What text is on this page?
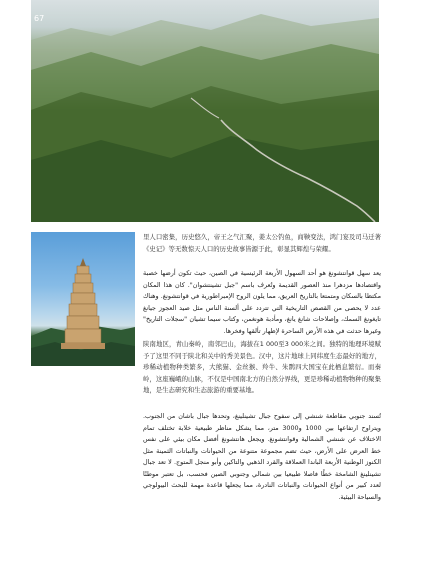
67

里人口密集，历史悠久，帝王之气汇聚，姜太公钓鱼，商鞅变法，鸿门宴及司马迁著《史记》等无数惊天人口的历史故事皆源于此，彰显其辉煌与荣耀。

يعد سهل قوانتشونغ هو أحد السهول الأربعة الرئيسية في الصين، حيث تكون أرضها خصبة واقتصادها مزدهرا منذ العصور القديمة وتُعرف باسم "جبل تشينتشوان". كان هذا المكان مكتظا بالسكان ومتمتعا بالتاريخ العريق، مما يلون الروح الإمبراطورية في قوانتشونغ. وهناك عدد لا يحصى من القصص التاريخية التي تتردد على ألسنة الناس مثل صيد العجوز جيانغ تايغونغ السمك، وإصلاحات شانغ يانغ، ومأدبة هونغمن، وكتاب سيما تشيان "سجلات التاريخ" وغيرها حدثت في هذه الأرض الساحرة لإظهار تألقها وفخرها.

陕南地区，青山秦岭，南邻巴山，海拔在1 000至3 000米之间。独特的地理环境赋予了这里不同于陕北和关中的秀美景色。汉中，这片地球上同纬度生态最好的地方，珍稀动植物种类繁多，大熊猫、金丝猴、羚牛、朱鹮四大国宝在此栖息繁衍。而秦岭，这座巍峨的山脉，不仅是中国南北方的自然分界线，更是珍稀动植物物种的聚集地，是生态研究和生态旅游的重要基地。

تُسند جنوبي مقاطعة شنشي إلى سفوح جبال تشينلينغ، وتحدها جبال باشان من الجنوب. ويتراوح ارتفاعها بين 1000 و3000 متر، مما يشكل مناظر طبيعية خلابة تختلف تمام الاختلاف عن شنشي الشمالية وقوانتشونغ. ويجعل هانتشونغ أفضل مكان بيئي على نفس خط العرض على الأرض، حيث تضم مجموعة متنوعة من الحيوانات والنباتات الثمينة مثل الكنوز الوطنية الأربعة الباندا العملاقة والقرد الذهبي والتاكين وأبو منجل المتوج. لا تعد جبال تشينلينغ الشامخة خطًا فاصلا طبيعيا بين شمالي وجنوبي الصين فحسب، بل تعتبر موطنًا لعدد كبير من أنواع الحيوانات والنباتات النادرة، مما يجعلها قاعدة مهمة للبحث البيولوجي والسياحة البيئية.
